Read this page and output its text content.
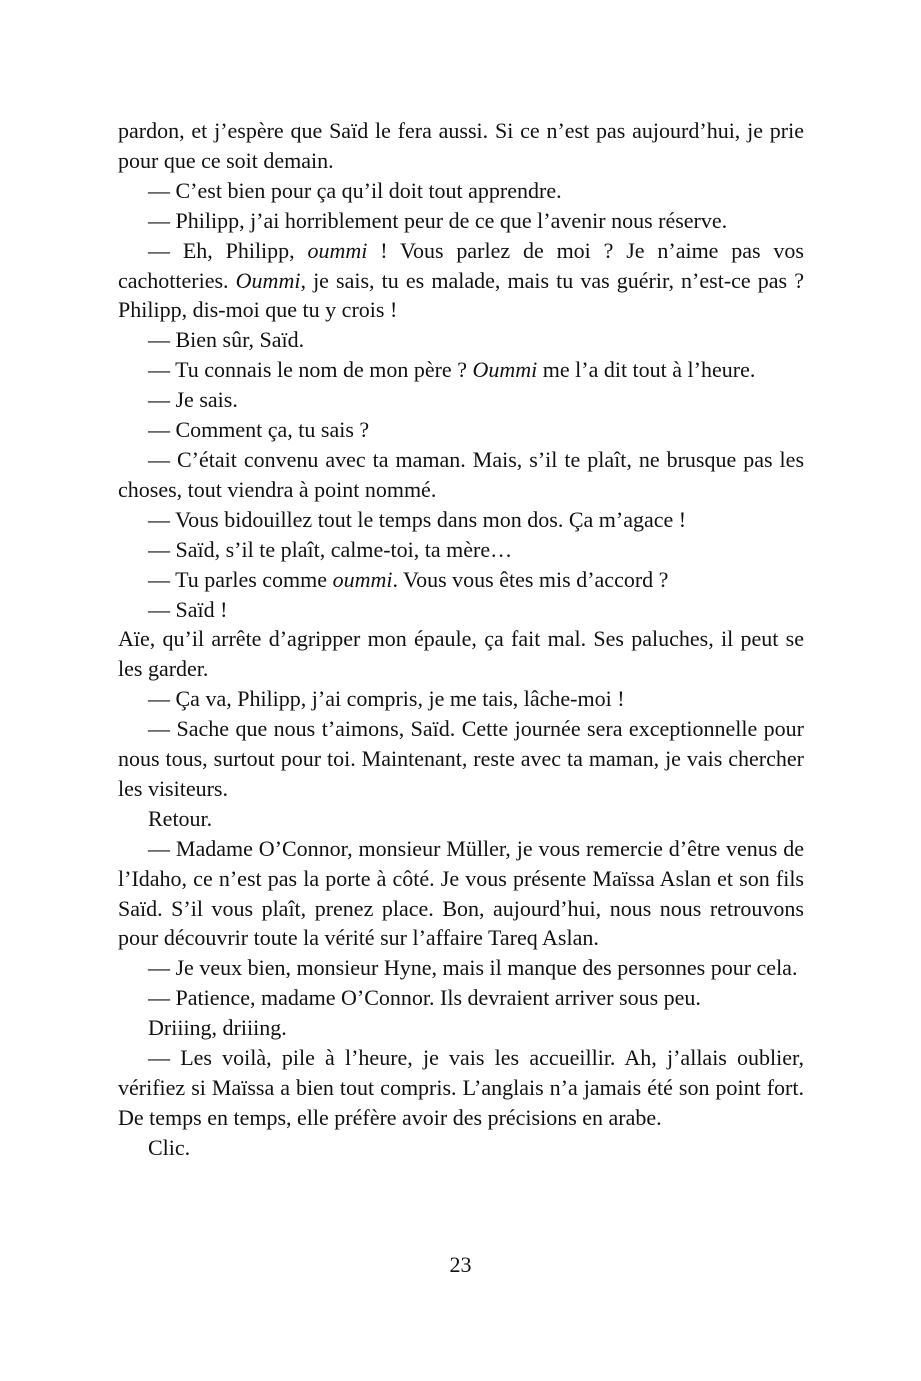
pardon, et j’espère que Saïd le fera aussi. Si ce n’est pas aujourd’hui, je prie pour que ce soit demain.

— C’est bien pour ça qu’il doit tout apprendre.

— Philipp, j’ai horriblement peur de ce que l’avenir nous réserve.

— Eh, Philipp, oummi ! Vous parlez de moi ? Je n’aime pas vos cachotteries. Oummi, je sais, tu es malade, mais tu vas guérir, n’est-ce pas ? Philipp, dis-moi que tu y crois !

— Bien sûr, Saïd.

— Tu connais le nom de mon père ? Oummi me l’a dit tout à l’heure.

— Je sais.

— Comment ça, tu sais ?

— C’était convenu avec ta maman. Mais, s’il te plaît, ne brusque pas les choses, tout viendra à point nommé.

— Vous bidouillez tout le temps dans mon dos. Ça m’agace !

— Saïd, s’il te plaît, calme-toi, ta mère…

— Tu parles comme oummi. Vous vous êtes mis d’accord ?

— Saïd !

Aïe, qu’il arrête d’agripper mon épaule, ça fait mal. Ses paluches, il peut se les garder.

— Ça va, Philipp, j’ai compris, je me tais, lâche-moi !

— Sache que nous t’aimons, Saïd. Cette journée sera exceptionnelle pour nous tous, surtout pour toi. Maintenant, reste avec ta maman, je vais chercher les visiteurs.

Retour.

— Madame O’Connor, monsieur Müller, je vous remercie d’être venus de l’Idaho, ce n’est pas la porte à côté. Je vous présente Maïssa Aslan et son fils Saïd. S’il vous plaît, prenez place. Bon, aujourd’hui, nous nous retrouvons pour découvrir toute la vérité sur l’affaire Tareq Aslan.

— Je veux bien, monsieur Hyne, mais il manque des personnes pour cela.

— Patience, madame O’Connor. Ils devraient arriver sous peu.

Driiing, driiing.

— Les voilà, pile à l’heure, je vais les accueillir. Ah, j’allais oublier, vérifiez si Maïssa a bien tout compris. L’anglais n’a jamais été son point fort. De temps en temps, elle préfère avoir des précisions en arabe.

Clic.

23
